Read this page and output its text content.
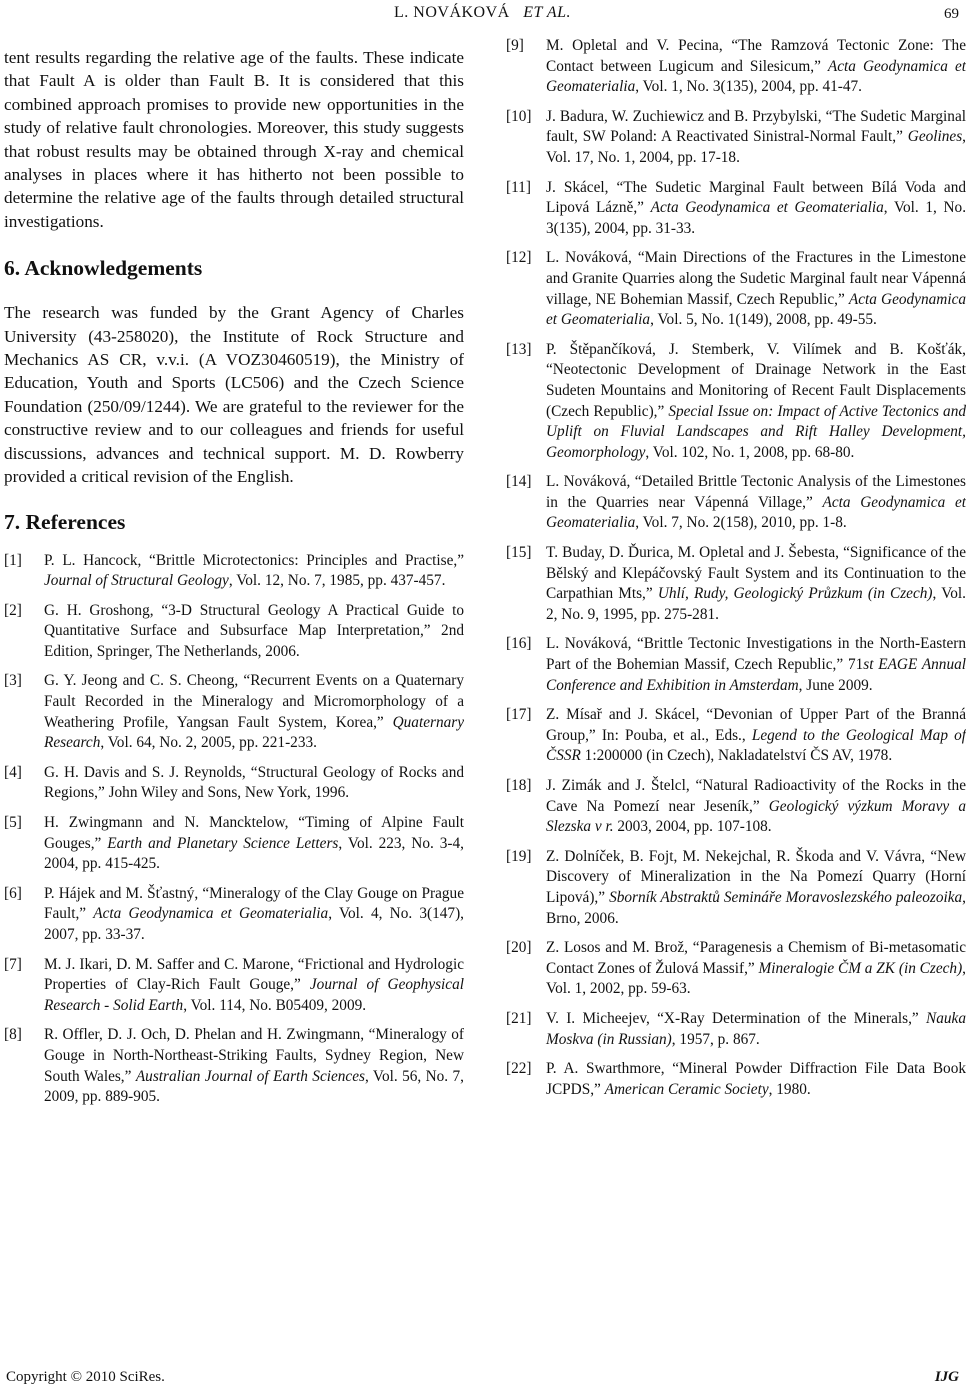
L. NOVÁKOVÁ ET AL.	69

tent results regarding the relative age of the faults. These indicate that Fault A is older than Fault B. It is considered that this combined approach promises to provide new opportunities in the study of relative fault chronologies. Moreover, this study suggests that robust results may be obtained through X-ray and chemical analyses in places where it has hitherto not been possible to determine the relative age of the faults through detailed structural investigations.

6. Acknowledgements

The research was funded by the Grant Agency of Charles University (43-258020), the Institute of Rock Structure and Mechanics AS CR, v.v.i. (A VOZ30460519), the Ministry of Education, Youth and Sports (LC506) and the Czech Science Foundation (250/09/1244). We are grateful to the reviewer for the constructive review and to our colleagues and friends for useful discussions, advances and technical support. M. D. Rowberry provided a critical revision of the English.

7. References

[1] P. L. Hancock, “Brittle Microtectonics: Principles and Practise,” Journal of Structural Geology, Vol. 12, No. 7, 1985, pp. 437-457.

[2] G. H. Groshong, “3-D Structural Geology A Practical Guide to Quantitative Surface and Subsurface Map Interpretation,” 2nd Edition, Springer, The Netherlands, 2006.

[3] G. Y. Jeong and C. S. Cheong, “Recurrent Events on a Quaternary Fault Recorded in the Mineralogy and Micromorphology of a Weathering Profile, Yangsan Fault System, Korea,” Quaternary Research, Vol. 64, No. 2, 2005, pp. 221-233.

[4] G. H. Davis and S. J. Reynolds, “Structural Geology of Rocks and Regions,” John Wiley and Sons, New York, 1996.

[5] H. Zwingmann and N. Mancktelow, “Timing of Alpine Fault Gouges,” Earth and Planetary Science Letters, Vol. 223, No. 3-4, 2004, pp. 415-425.

[6] P. Hájek and M. Šťastný, “Mineralogy of the Clay Gouge on Prague Fault,” Acta Geodynamica et Geomaterialia, Vol. 4, No. 3(147), 2007, pp. 33-37.

[7] M. J. Ikari, D. M. Saffer and C. Marone, “Frictional and Hydrologic Properties of Clay-Rich Fault Gouge,” Journal of Geophysical Research - Solid Earth, Vol. 114, No. B05409, 2009.

[8] R. Offler, D. J. Och, D. Phelan and H. Zwingmann, “Mineralogy of Gouge in North-Northeast-Striking Faults, Sydney Region, New South Wales,” Australian Journal of Earth Sciences, Vol. 56, No. 7, 2009, pp. 889-905.

[9] M. Opletal and V. Pecina, “The Ramzová Tectonic Zone: The Contact between Lugicum and Silesicum,” Acta Geodynamica et Geomaterialia, Vol. 1, No. 3(135), 2004, pp. 41-47.

[10] J. Badura, W. Zuchiewicz and B. Przybylski, “The Sudetic Marginal fault, SW Poland: A Reactivated Sinistral-Normal Fault,” Geolines, Vol. 17, No. 1, 2004, pp. 17-18.

[11] J. Skácel, “The Sudetic Marginal Fault between Bílá Voda and Lipová Lázně,” Acta Geodynamica et Geomaterialia, Vol. 1, No. 3(135), 2004, pp. 31-33.

[12] L. Nováková, “Main Directions of the Fractures in the Limestone and Granite Quarries along the Sudetic Marginal fault near Vápenná village, NE Bohemian Massif, Czech Republic,” Acta Geodynamica et Geomaterialia, Vol. 5, No. 1(149), 2008, pp. 49-55.

[13] P. Štěpančíková, J. Stemberk, V. Vilímek and B. Košťák, “Neotectonic Development of Drainage Network in the East Sudeten Mountains and Monitoring of Recent Fault Displacements (Czech Republic),” Special Issue on: Impact of Active Tectonics and Uplift on Fluvial Landscapes and Rift Halley Development, Geomorphology, Vol. 102, No. 1, 2008, pp. 68-80.

[14] L. Nováková, “Detailed Brittle Tectonic Analysis of the Limestones in the Quarries near Vápenná Village,” Acta Geodynamica et Geomaterialia, Vol. 7, No. 2(158), 2010, pp. 1-8.

[15] T. Buday, D. Ďurica, M. Opletal and J. Šebesta, “Significance of the Bělský and Klepáčovský Fault System and its Continuation to the Carpathian Mts,” Uhlí, Rudy, Geologický Průzkum (in Czech), Vol. 2, No. 9, 1995, pp. 275-281.

[16] L. Nováková, “Brittle Tectonic Investigations in the North-Eastern Part of the Bohemian Massif, Czech Republic,” 71st EAGE Annual Conference and Exhibition in Amsterdam, June 2009.

[17] Z. Mísař and J. Skácel, “Devonian of Upper Part of the Branná Group,” In: Pouba, et al., Eds., Legend to the Geological Map of ČSSR 1:200000 (in Czech), Nakladatelství ČS AV, 1978.

[18] J. Zimák and J. Štelcl, “Natural Radioactivity of the Rocks in the Cave Na Pomezí near Jeseník,” Geologický výzkum Moravy a Slezska v r. 2003, 2004, pp. 107-108.

[19] Z. Dolníček, B. Fojt, M. Nekejchal, R. Škoda and V. Vávra, “New Discovery of Mineralization in the Na Pomezí Quarry (Horní Lipová),” Sborník Abstraktů Semináře Moravoslezského paleozoika, Brno, 2006.

[20] Z. Losos and M. Brož, “Paragenesis a Chemism of Bi-metasomatic Contact Zones of Žulová Massif,” Mineralogie ČM a ZK (in Czech), Vol. 1, 2002, pp. 59-63.

[21] V. I. Micheejev, “X-Ray Determination of the Minerals,” Nauka Moskva (in Russian), 1957, p. 867.

[22] P. A. Swarthmore, “Mineral Powder Diffraction File Data Book JCPDS,” American Ceramic Society, 1980.

Copyright © 2010 SciRes.	IJG
